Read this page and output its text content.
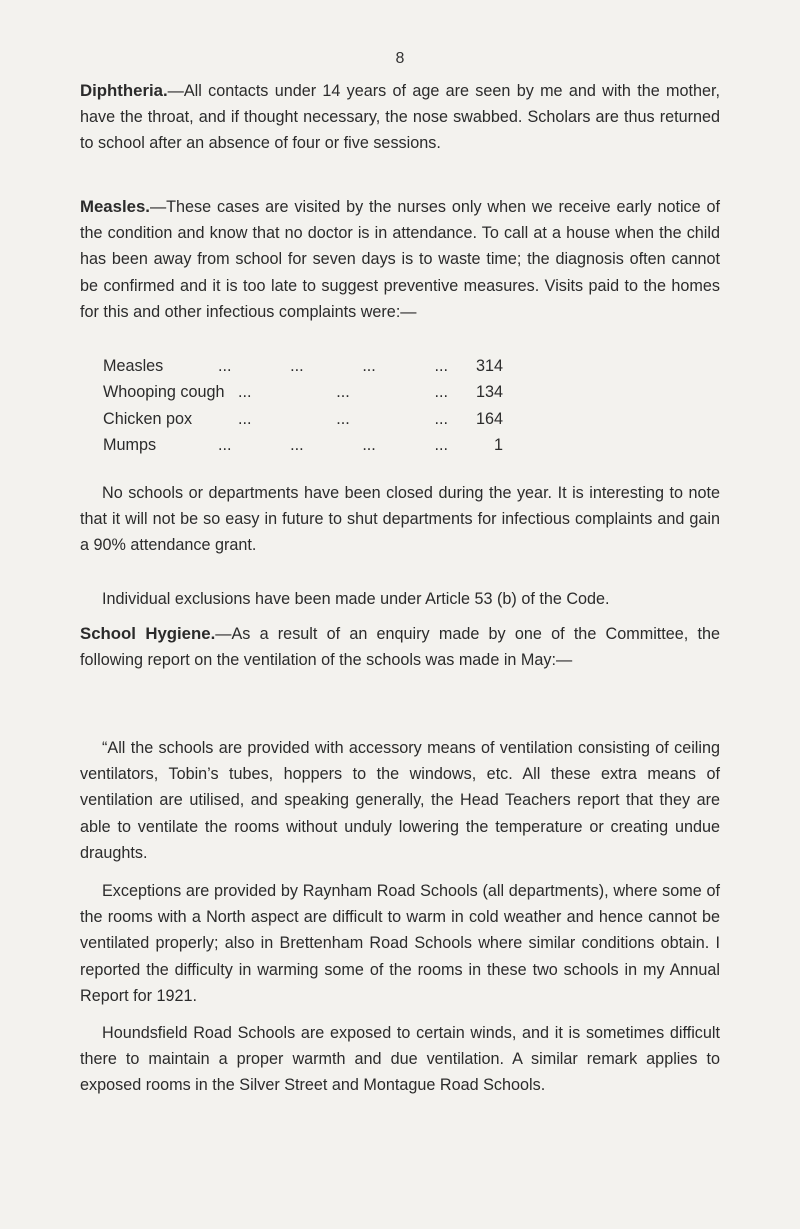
8

Diphtheria.—All contacts under 14 years of age are seen by me and with the mother, have the throat, and if thought necessary, the nose swabbed. Scholars are thus returned to school after an absence of four or five sessions.

Measles.—These cases are visited by the nurses only when we receive early notice of the condition and know that no doctor is in attendance. To call at a house when the child has been away from school for seven days is to waste time; the diagnosis often cannot be confirmed and it is too late to suggest preventive measures. Visits paid to the homes for this and other infectious complaints were:—

Measles	...	...	...	...	314
Whooping cough ...	...	...	134
Chicken pox	...	...	...	164
Mumps	...	...	...	...	1

No schools or departments have been closed during the year. It is interesting to note that it will not be so easy in future to shut departments for infectious complaints and gain a 90% attendance grant.

Individual exclusions have been made under Article 53 (b) of the Code.

School Hygiene.—As a result of an enquiry made by one of the Committee, the following report on the ventilation of the schools was made in May:—

“All the schools are provided with accessory means of ventilation consisting of ceiling ventilators, Tobin’s tubes, hoppers to the windows, etc. All these extra means of ventilation are utilised, and speaking generally, the Head Teachers report that they are able to ventilate the rooms without unduly lowering the temperature or creating undue draughts.

Exceptions are provided by Raynham Road Schools (all departments), where some of the rooms with a North aspect are difficult to warm in cold weather and hence cannot be ventilated properly; also in Brettenham Road Schools where similar conditions obtain. I reported the difficulty in warming some of the rooms in these two schools in my Annual Report for 1921.

Houndsfield Road Schools are exposed to certain winds, and it is sometimes difficult there to maintain a proper warmth and due ventilation. A similar remark applies to exposed rooms in the Silver Street and Montague Road Schools.
